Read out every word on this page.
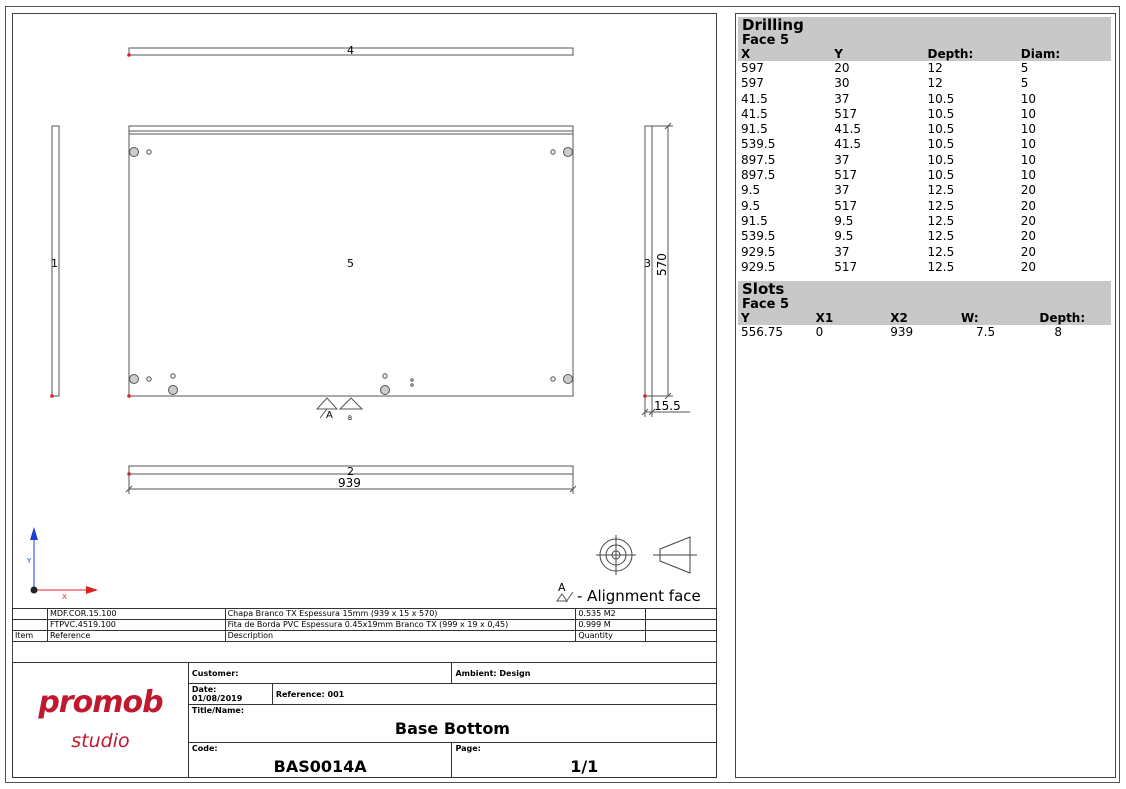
4
1	5	3
2
939
570
15.5
A	B
Y
X
A - Alignment face
	MDF.COR.15.100	Chapa Branco TX Espessura 15mm (939 x 15 x 570)	0.535 M2	
	FTPVC.4519.100	Fita de Borda PVC Espessura 0.45x19mm Branco TX (999 x 19 x 0,45)	0.999 M	
Item	Reference	Description	Quantity	
promob studio	Customer:		Ambient: Design
	Date: 01/08/2019	Reference: 001	
	Title/Name:
Base Bottom		

	Code:
BAS0014A		Page:
1/1
Drilling
Face 5
X	Y	Depth:	Diam:
597	20	12	5
597	30	12	5
41.5	37	10.5	10
41.5	517	10.5	10
91.5	41.5	10.5	10
539.5	41.5	10.5	10
897.5	37	10.5	10
897.5	517	10.5	10
9.5	37	12.5	20
9.5	517	12.5	20
91.5	9.5	12.5	20
539.5	9.5	12.5	20
929.5	37	12.5	20
929.5	517	12.5	20
Slots
Face 5
Y	X1	X2	W:	Depth:
556.75	0	939	7.5	8
